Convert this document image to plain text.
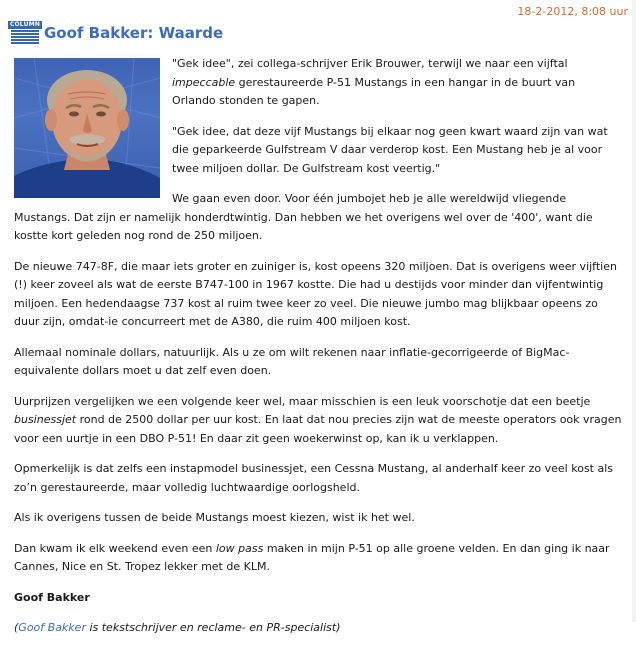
18-2-2012, 8:08 uur
COLUMN Goof Bakker: Waarde

"Gek idee", zei collega-schrijver Erik Brouwer, terwijl we naar een vijftal impeccable gerestaureerde P-51 Mustangs in een hangar in de buurt van Orlando stonden te gapen.

"Gek idee, dat deze vijf Mustangs bij elkaar nog geen kwart waard zijn van wat die geparkeerde Gulfstream V daar verderop kost. Een Mustang heb je al voor twee miljoen dollar. De Gulfstream kost veertig."

We gaan even door. Voor één jumbojet heb je alle wereldwijd vliegende Mustangs. Dat zijn er namelijk honderdtwintig. Dan hebben we het overigens wel over de '400', want die kostte kort geleden nog rond de 250 miljoen.

De nieuwe 747-8F, die maar iets groter en zuiniger is, kost opeens 320 miljoen. Dat is overigens weer vijftien (!) keer zoveel als wat de eerste B747-100 in 1967 kostte. Die had u destijds voor minder dan vijfentwintig miljoen. Een hedendaagse 737 kost al ruim twee keer zo veel. Die nieuwe jumbo mag blijkbaar opeens zo duur zijn, omdat-ie concurreert met de A380, die ruim 400 miljoen kost.

Allemaal nominale dollars, natuurlijk. Als u ze om wilt rekenen naar inflatie-gecorrigeerde of BigMac-equivalente dollars moet u dat zelf even doen.

Uurprijzen vergelijken we een volgende keer wel, maar misschien is een leuk voorschotje dat een beetje businessjet rond de 2500 dollar per uur kost. En laat dat nou precies zijn wat de meeste operators ook vragen voor een uurtje in een DBO P-51! En daar zit geen woekerwinst op, kan ik u verklappen.

Opmerkelijk is dat zelfs een instapmodel businessjet, een Cessna Mustang, al anderhalf keer zo veel kost als zo’n gerestaureerde, maar volledig luchtwaardige oorlogsheld.

Als ik overigens tussen de beide Mustangs moest kiezen, wist ik het wel.

Dan kwam ik elk weekend even een low pass maken in mijn P-51 op alle groene velden. En dan ging ik naar Cannes, Nice en St. Tropez lekker met de KLM.

Goof Bakker

(Goof Bakker is tekstschrijver en reclame- en PR-specialist)
